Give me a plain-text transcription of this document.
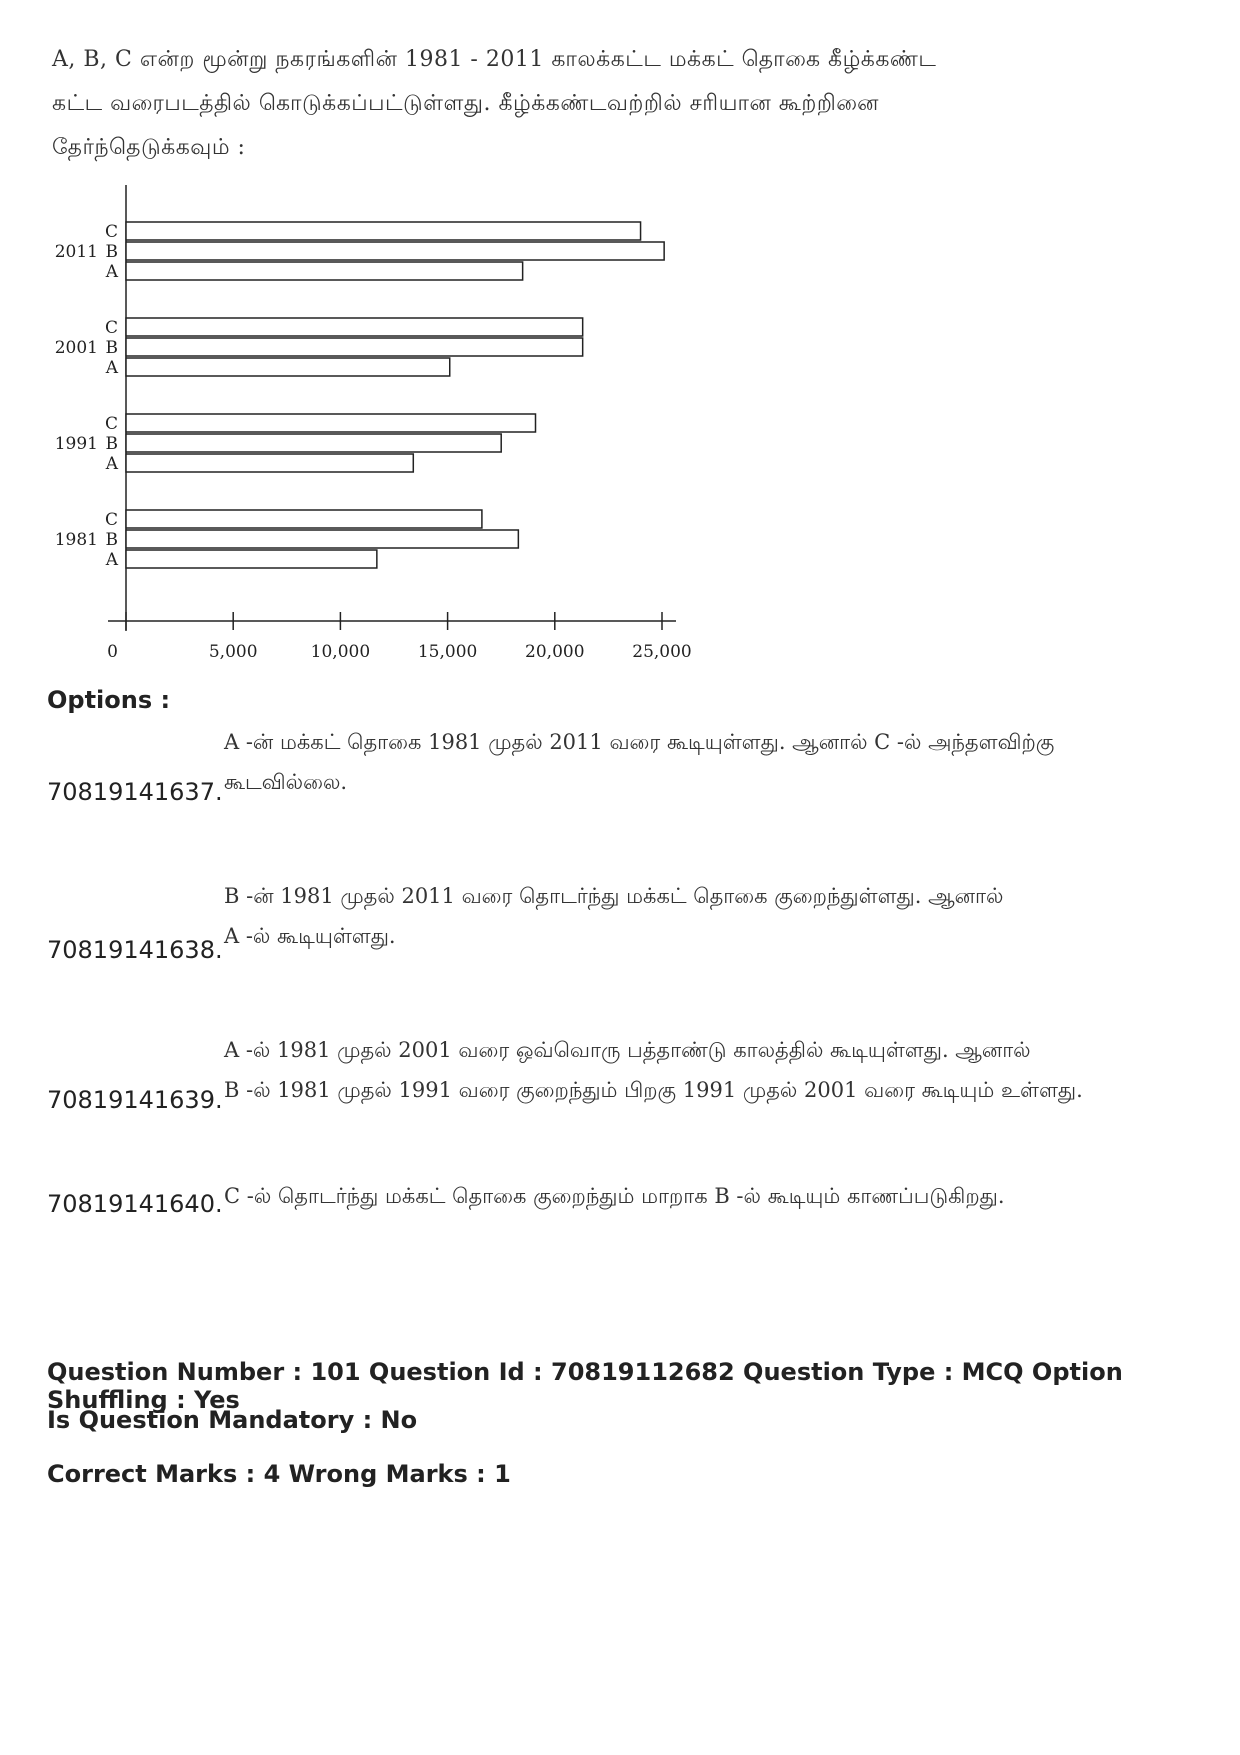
A, B, C என்ற மூன்று நகரங்களின் 1981 - 2011 காலக்கட்ட மக்கட் தொகை கீழ்க்கண்ட
கட்ட வரைபடத்தில் கொடுக்கப்பட்டுள்ளது. கீழ்க்கண்டவற்றில் சரியான கூற்றினை
தேர்ந்தெடுக்கவும் :
0	5,000	10,000	15,000	20,000	25,000
C
B
A
2011
C
B
A
2001
C
B
A
1991
C
B
A
1981
Options :
A -ன் மக்கட் தொகை 1981 முதல் 2011 வரை கூடியுள்ளது. ஆனால் C -ல் அந்தளவிற்கு
கூடவில்லை.
70819141637.
B -ன் 1981 முதல் 2011 வரை தொடர்ந்து மக்கட் தொகை குறைந்துள்ளது. ஆனால்
A -ல் கூடியுள்ளது.
70819141638.
A -ல் 1981 முதல் 2001 வரை ஒவ்வொரு பத்தாண்டு காலத்தில் கூடியுள்ளது. ஆனால்
B -ல் 1981 முதல் 1991 வரை குறைந்தும் பிறகு 1991 முதல் 2001 வரை கூடியும் உள்ளது.
70819141639.
C -ல் தொடர்ந்து மக்கட் தொகை குறைந்தும் மாறாக B -ல் கூடியும் காணப்படுகிறது.
70819141640.
Question Number : 101 Question Id : 70819112682 Question Type : MCQ Option Shuffling : Yes
Is Question Mandatory : No
Correct Marks : 4 Wrong Marks : 1
